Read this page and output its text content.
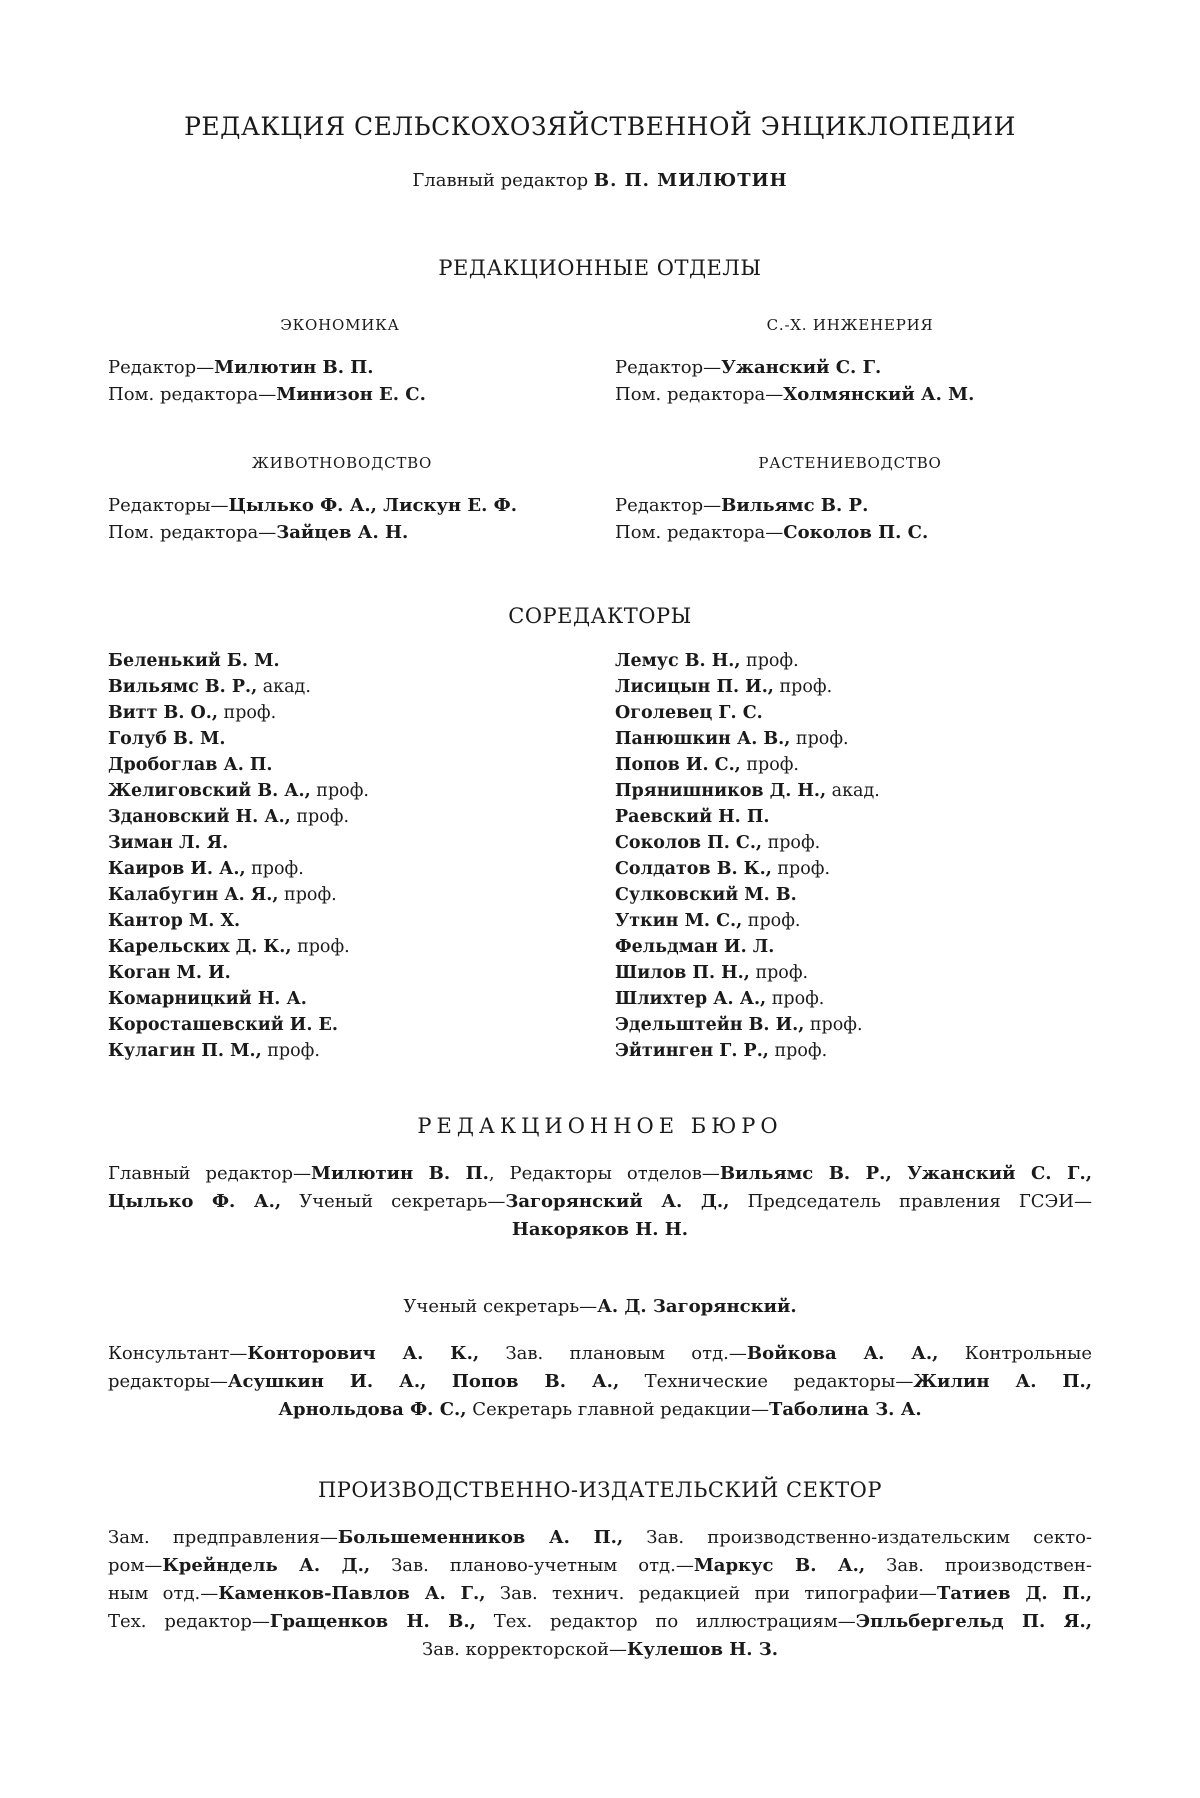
РЕДАКЦИЯ СЕЛЬСКОХОЗЯЙСТВЕННОЙ ЭНЦИКЛОПЕДИИ
Главный редактор В. П. МИЛЮТИН
РЕДАКЦИОННЫЕ ОТДЕЛЫ
ЭКОНОМИКА
Редактор—Милютин В. П.
Пом. редактора—Минизон Е. С.
С.-Х. ИНЖЕНЕРИЯ
Редактор—Ужанский С. Г.
Пом. редактора—Холмянский А. М.
ЖИВОТНОВОДСТВО
Редакторы—Цылько Ф. А., Лискун Е. Ф.
Пом. редактора—Зайцев А. Н.
РАСТЕНИЕВОДСТВО
Редактор—Вильямс В. Р.
Пом. редактора—Соколов П. С.
СОРЕДАКТОРЫ
Беленький Б. М.
Вильямс В. Р., акад.
Витт В. О., проф.
Голуб В. М.
Дробоглав А. П.
Желиговский В. А., проф.
Здановский Н. А., проф.
Зиман Л. Я.
Каиров И. А., проф.
Калабугин А. Я., проф.
Кантор М. Х.
Карельских Д. К., проф.
Коган М. И.
Комарницкий Н. А.
Коросташевский И. Е.
Кулагин П. М., проф.
Лемус В. Н., проф.
Лисицын П. И., проф.
Оголевец Г. С.
Панюшкин А. В., проф.
Попов И. С., проф.
Прянишников Д. Н., акад.
Раевский Н. П.
Соколов П. С., проф.
Солдатов В. К., проф.
Сулковский М. В.
Уткин М. С., проф.
Фельдман И. Л.
Шилов П. Н., проф.
Шлихтер А. А., проф.
Эдельштейн В. И., проф.
Эйтинген Г. Р., проф.
РЕДАКЦИОННОЕ БЮРО
Главный редактор—Милютин В. П., Редакторы отделов—Вильямс В. Р., Ужанский С. Г.,
Цылько Ф. А., Ученый секретарь—Загорянский А. Д., Председатель правления ГСЭИ—
Накоряков Н. Н.
Ученый секретарь—А. Д. Загорянский.
Консультант—Конторович А. К., Зав. плановым отд.—Войкова А. А., Контрольные
редакторы—Асушкин И. А., Попов В. А., Технические редакторы—Жилин А. П.,
Арнольдова Ф. С., Секретарь главной редакции—Таболина З. А.
ПРОИЗВОДСТВЕННО-ИЗДАТЕЛЬСКИЙ СЕКТОР
Зам. предправления—Большеменников А. П., Зав. производственно-издательским секто-
ром—Крейндель А. Д., Зав. планово-учетным отд.—Маркус В. А., Зав. производствен-
ным отд.—Каменков-Павлов А. Г., Зав. технич. редакцией при типографии—Татиев Д. П.,
Тех. редактор—Гращенков Н. В., Тех. редактор по иллюстрациям—Эпльбергельд П. Я.,
Зав. корректорской—Кулешов Н. З.
